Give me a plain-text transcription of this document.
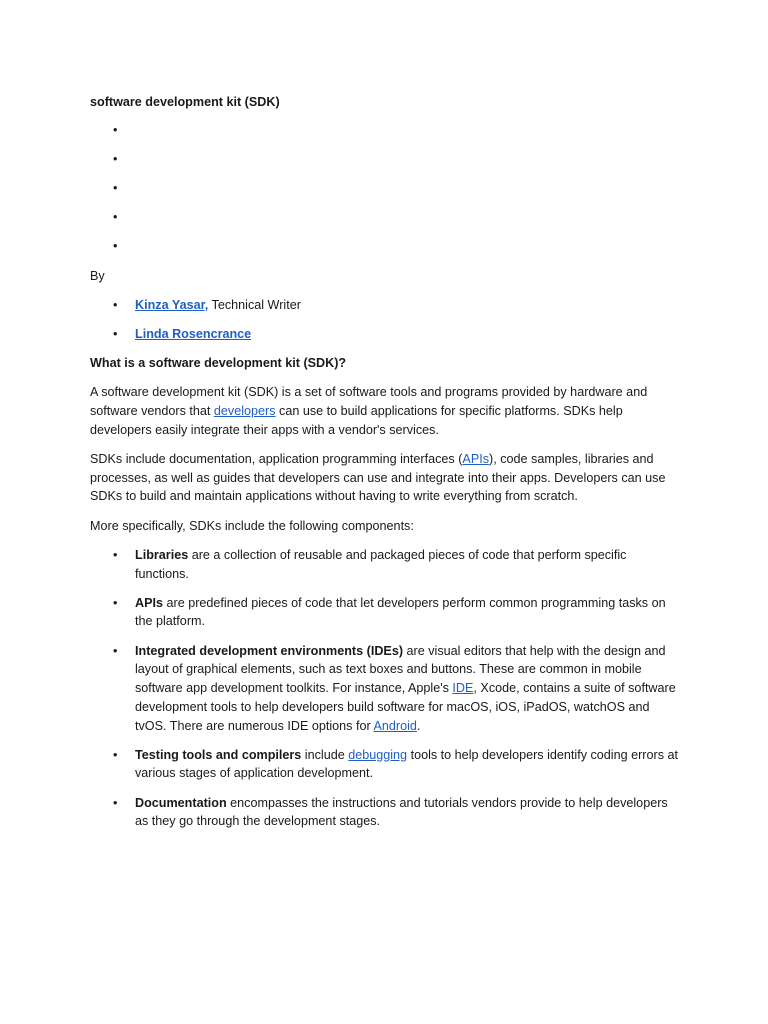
software development kit (SDK)

•
•
•
•
•

By

• Kinza Yasar, Technical Writer
• Linda Rosencrance

What is a software development kit (SDK)?

A software development kit (SDK) is a set of software tools and programs provided by hardware and software vendors that developers can use to build applications for specific platforms. SDKs help developers easily integrate their apps with a vendor's services.

SDKs include documentation, application programming interfaces (APIs), code samples, libraries and processes, as well as guides that developers can use and integrate into their apps. Developers can use SDKs to build and maintain applications without having to write everything from scratch.

More specifically, SDKs include the following components:

• Libraries are a collection of reusable and packaged pieces of code that perform specific functions.
• APIs are predefined pieces of code that let developers perform common programming tasks on the platform.
• Integrated development environments (IDEs) are visual editors that help with the design and layout of graphical elements, such as text boxes and buttons. These are common in mobile software app development toolkits. For instance, Apple's IDE, Xcode, contains a suite of software development tools to help developers build software for macOS, iOS, iPadOS, watchOS and tvOS. There are numerous IDE options for Android.
• Testing tools and compilers include debugging tools to help developers identify coding errors at various stages of application development.
• Documentation encompasses the instructions and tutorials vendors provide to help developers as they go through the development stages.
